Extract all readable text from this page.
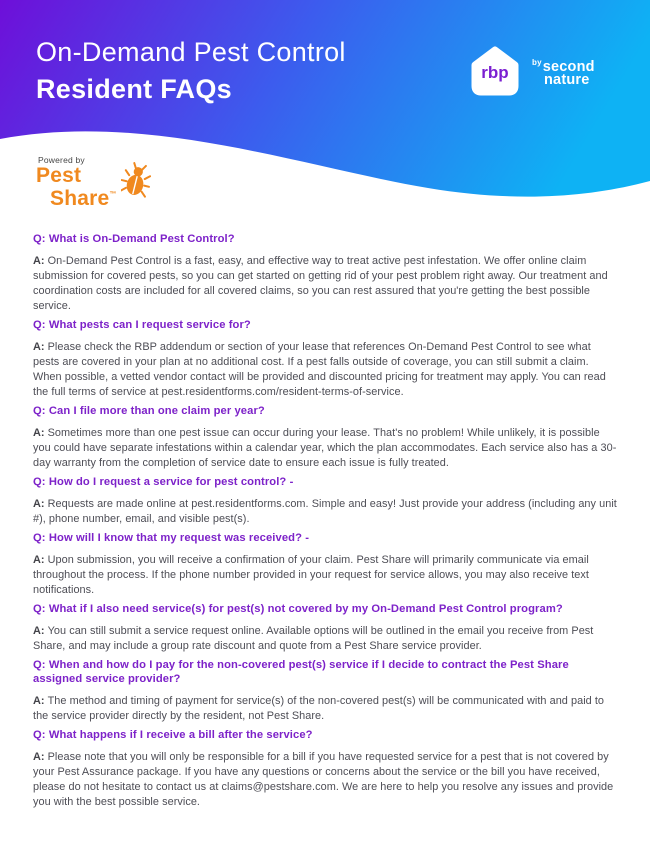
On-Demand Pest Control
Resident FAQs
rbp
$^{by}$second
nature
Powered by
Pest
Share™
Q: What is On-Demand Pest Control?

A: On-Demand Pest Control is a fast, easy, and effective way to treat active pest infestation. We offer online claim submission for covered pests, so you can get started on getting rid of your pest problem right away. Our treatment and coordination costs are included for all covered claims, so you can rest assured that you're getting the best possible service.

Q: What pests can I request service for?

A: Please check the RBP addendum or section of your lease that references On-Demand Pest Control to see what pests are covered in your plan at no additional cost. If a pest falls outside of coverage, you can still submit a claim. When possible, a vetted vendor contact will be provided and discounted pricing for treatment may apply. You can read the full terms of service at pest.residentforms.com/resident-terms-of-service.

Q: Can I file more than one claim per year?

A: Sometimes more than one pest issue can occur during your lease. That's no problem! While unlikely, it is possible you could have separate infestations within a calendar year, which the plan accommodates. Each service also has a 30-day warranty from the completion of service date to ensure each issue is fully treated.

Q: How do I request a service for pest control? -

A: Requests are made online at pest.residentforms.com. Simple and easy! Just provide your address (including any unit #), phone number, email, and visible pest(s).

Q: How will I know that my request was received? -

A: Upon submission, you will receive a confirmation of your claim. Pest Share will primarily communicate via email throughout the process. If the phone number provided in your request for service allows, you may also receive text notifications.

Q: What if I also need service(s) for pest(s) not covered by my On-Demand Pest Control program?

A: You can still submit a service request online. Available options will be outlined in the email you receive from Pest Share, and may include a group rate discount and quote from a Pest Share service provider.

Q: When and how do I pay for the non-covered pest(s) service if I decide to contract the Pest Share assigned service provider?

A: The method and timing of payment for service(s) of the non-covered pest(s) will be communicated with and paid to the service provider directly by the resident, not Pest Share.

Q: What happens if I receive a bill after the service?

A: Please note that you will only be responsible for a bill if you have requested service for a pest that is not covered by your Pest Assurance package. If you have any questions or concerns about the service or the bill you have received, please do not hesitate to contact us at claims@pestshare.com. We are here to help you resolve any issues and provide you with the best possible service.
